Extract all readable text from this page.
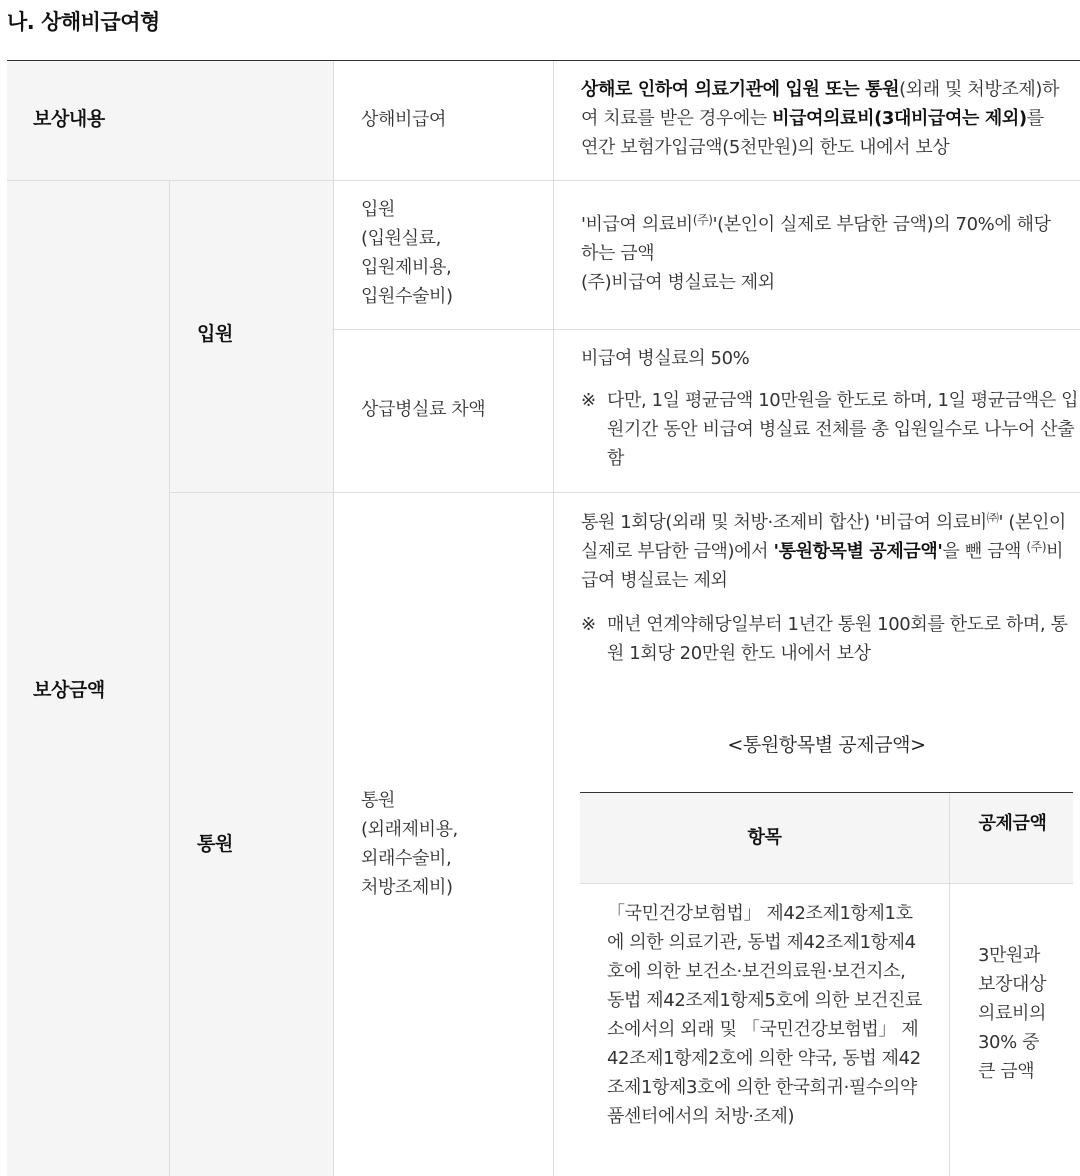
나. 상해비급여형
보상내용
보상금액
입원
통원
상해비급여
상해로 인하여 의료기관에 입원 또는 통원(외래 및 처방조제)하여 치료를 받은 경우에는 비급여의료비(3대비급여는 제외)를 연간 보험가입금액(5천만원)의 한도 내에서 보상
입원
(입원실료,
입원제비용,
입원수술비)
'비급여 의료비$^{(주)}$'(본인이 실제로 부담한 금액)의 70%에 해당하는 금액
(주)비급여 병실료는 제외
상급병실료 차액
비급여 병실료의 50%
※ 다만, 1일 평균금액 10만원을 한도로 하며, 1일 평균금액은 입원기간 동안 비급여 병실료 전체를 총 입원일수로 나누어 산출함
통원
(외래제비용,
외래수술비,
처방조제비)
통원 1회당(외래 및 처방·조제비 합산) '비급여 의료비㈜' (본인이 실제로 부담한 금액)에서 '통원항목별 공제금액'을 뺀 금액 $^{(주)}$비급여 병실료는 제외
※ 매년 연계약해당일부터 1년간 통원 100회를 한도로 하며, 통원 1회당 20만원 한도 내에서 보상
<통원항목별 공제금액>
항목
공제금액
「국민건강보험법」 제42조제1항제1호에 의한 의료기관, 동법 제42조제1항제4호에 의한 보건소·보건의료원·보건지소, 동법 제42조제1항제5호에 의한 보건진료소에서의 외래 및 「국민건강보험법」 제42조제1항제2호에 의한 약국, 동법 제42조제1항제3호에 의한 한국희귀·필수의약품센터에서의 처방·조제)
3만원과 보장대상 의료비의 30% 중 큰 금액
